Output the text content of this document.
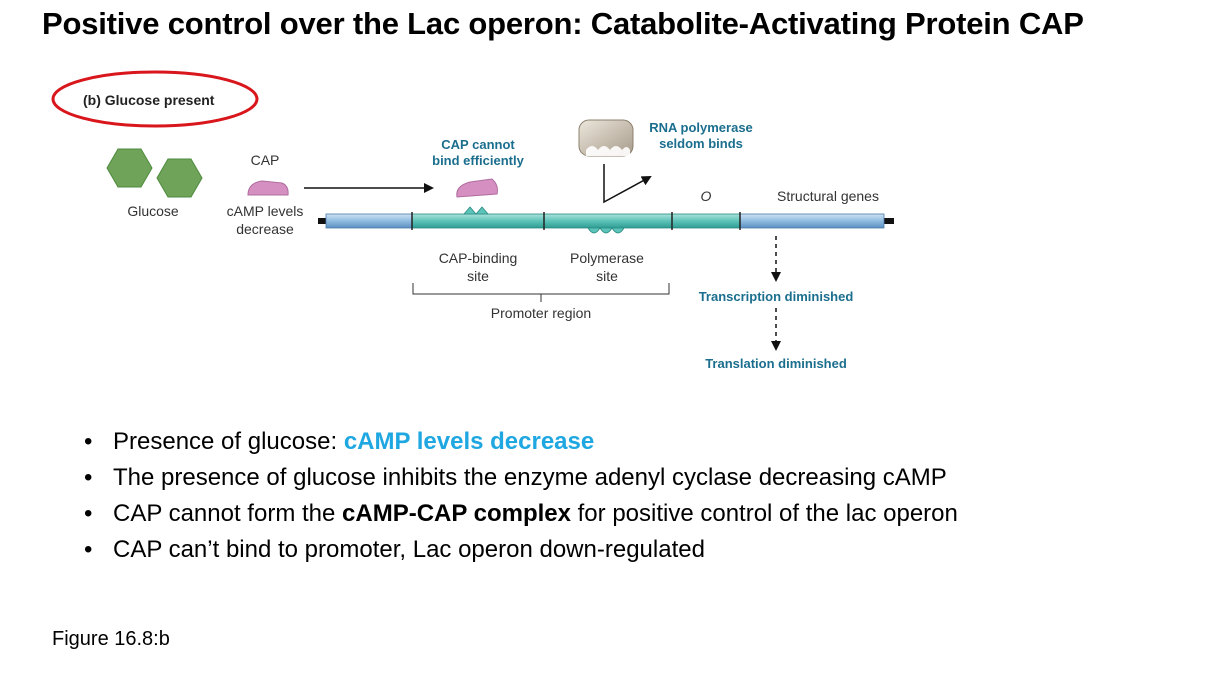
Positive control over the Lac operon: Catabolite-Activating Protein CAP
(b) Glucose present
Glucose
CAP
cAMP levels
decrease
CAP cannot
bind efficiently
RNA polymerase
seldom binds
O	Structural genes
CAP-binding
site
Polymerase
site
Promoter region
Transcription diminished
Translation diminished
• Presence of glucose: cAMP levels decrease
• The presence of glucose inhibits the enzyme adenyl cyclase decreasing cAMP
• CAP cannot form the cAMP-CAP complex for positive control of the lac operon
• CAP can’t bind to promoter, Lac operon down-regulated
Figure 16.8:b
